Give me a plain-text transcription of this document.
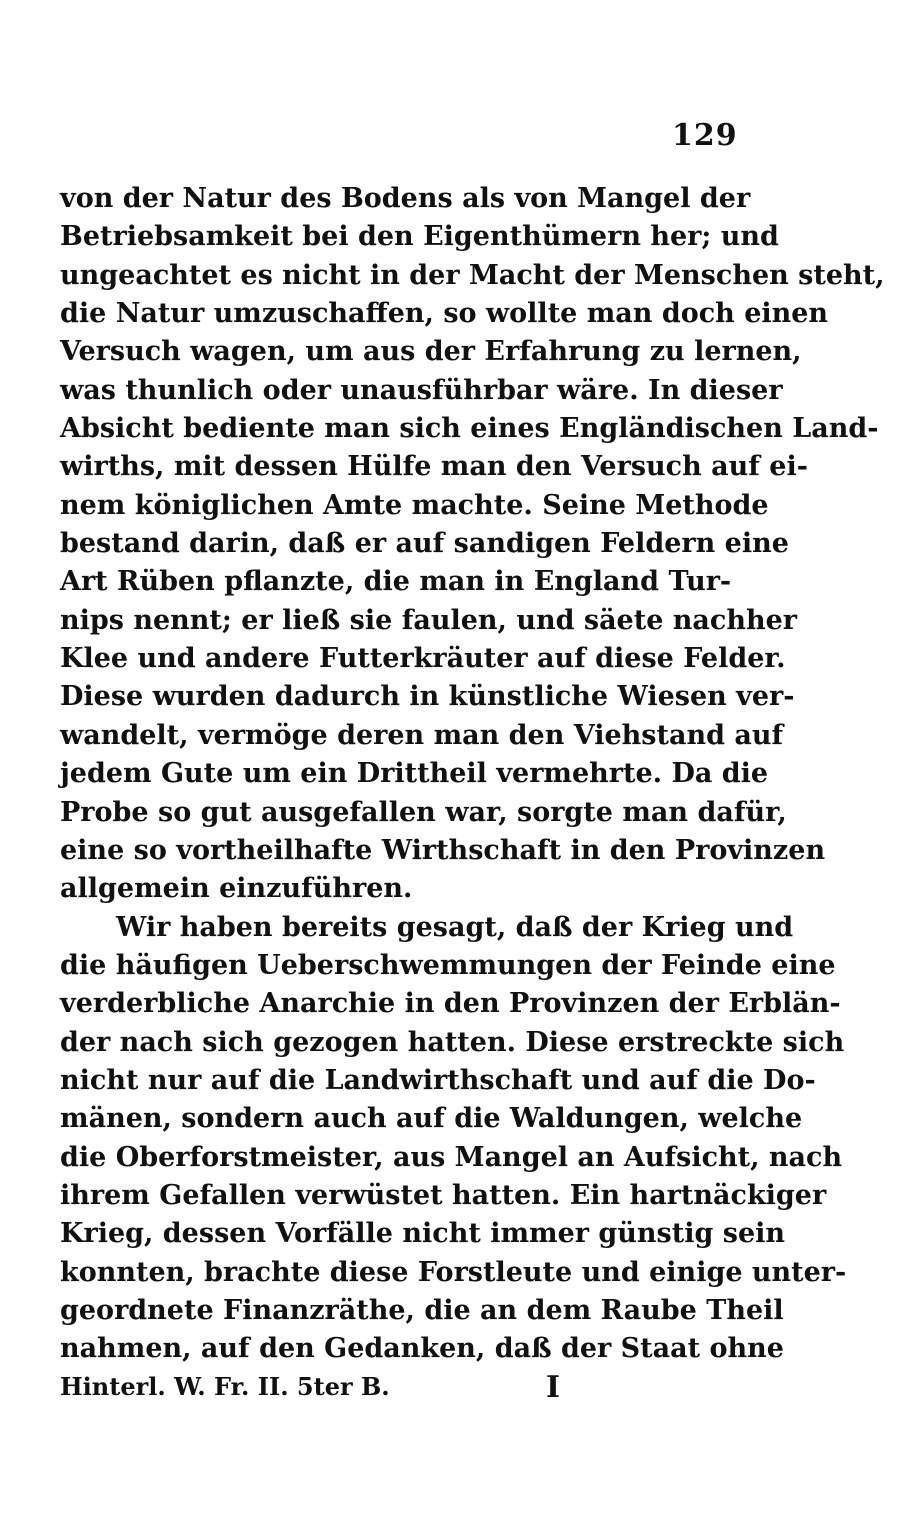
129
von der Natur des Bodens als von Mangel der
Betriebsamkeit bei den Eigenthümern her; und
ungeachtet es nicht in der Macht der Menschen steht,
die Natur umzuschaffen, so wollte man doch einen
Versuch wagen, um aus der Erfahrung zu lernen,
was thunlich oder unausführbar wäre. In dieser
Absicht bediente man sich eines Engländischen Land-
wirths, mit dessen Hülfe man den Versuch auf ei-
nem königlichen Amte machte. Seine Methode
bestand darin, daß er auf sandigen Feldern eine
Art Rüben pflanzte, die man in England Tur-
nips nennt; er ließ sie faulen, und säete nachher
Klee und andere Futterkräuter auf diese Felder.
Diese wurden dadurch in künstliche Wiesen ver-
wandelt, vermöge deren man den Viehstand auf
jedem Gute um ein Drittheil vermehrte. Da die
Probe so gut ausgefallen war, sorgte man dafür,
eine so vortheilhafte Wirthschaft in den Provinzen
allgemein einzuführen.
Wir haben bereits gesagt, daß der Krieg und
die häufigen Ueberschwemmungen der Feinde eine
verderbliche Anarchie in den Provinzen der Erblän-
der nach sich gezogen hatten. Diese erstreckte sich
nicht nur auf die Landwirthschaft und auf die Do-
mänen, sondern auch auf die Waldungen, welche
die Oberforstmeister, aus Mangel an Aufsicht, nach
ihrem Gefallen verwüstet hatten. Ein hartnäckiger
Krieg, dessen Vorfälle nicht immer günstig sein
konnten, brachte diese Forstleute und einige unter-
geordnete Finanzräthe, die an dem Raube Theil
nahmen, auf den Gedanken, daß der Staat ohne
Hinterl. W. Fr. II. 5ter B.	I
